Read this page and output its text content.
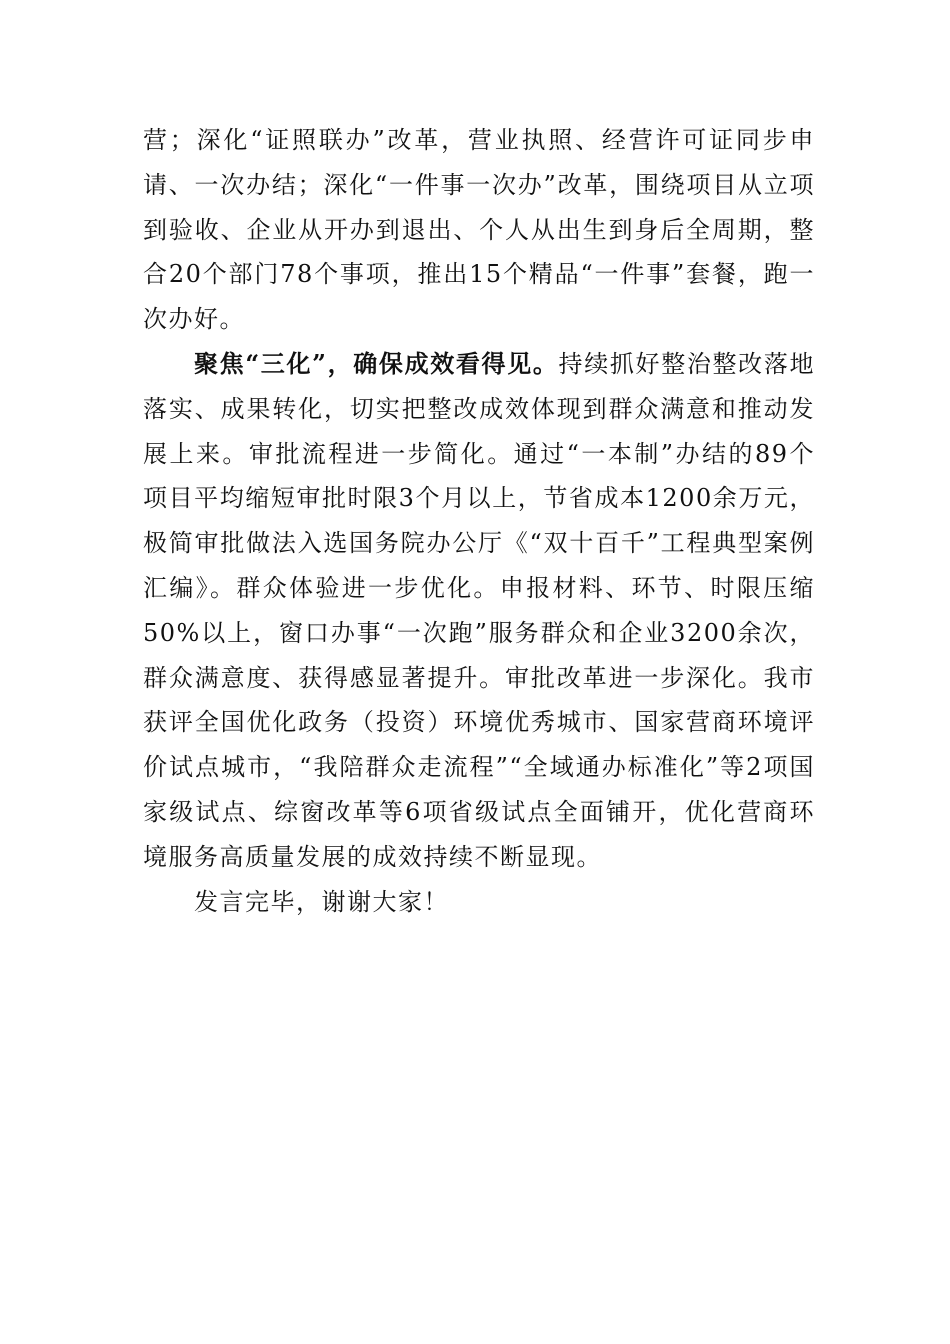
营；深化“证照联办”改革，营业执照、经营许可证同步申请、一次办结；深化“一件事一次办”改革，围绕项目从立项到验收、企业从开办到退出、个人从出生到身后全周期，整合20个部门78个事项，推出15个精品“一件事”套餐，跑一次办好。

聚焦“三化”，确保成效看得见。持续抓好整治整改落地落实、成果转化，切实把整改成效体现到群众满意和推动发展上来。审批流程进一步简化。通过“一本制”办结的89个项目平均缩短审批时限3个月以上，节省成本1200余万元，极简审批做法入选国务院办公厅《“双十百千”工程典型案例汇编》。群众体验进一步优化。申报材料、环节、时限压缩50%以上，窗口办事“一次跑”服务群众和企业3200余次，群众满意度、获得感显著提升。审批改革进一步深化。我市获评全国优化政务（投资）环境优秀城市、国家营商环境评价试点城市，“我陪群众走流程”“全域通办标准化”等2项国家级试点、综窗改革等6项省级试点全面铺开，优化营商环境服务高质量发展的成效持续不断显现。

发言完毕，谢谢大家！
